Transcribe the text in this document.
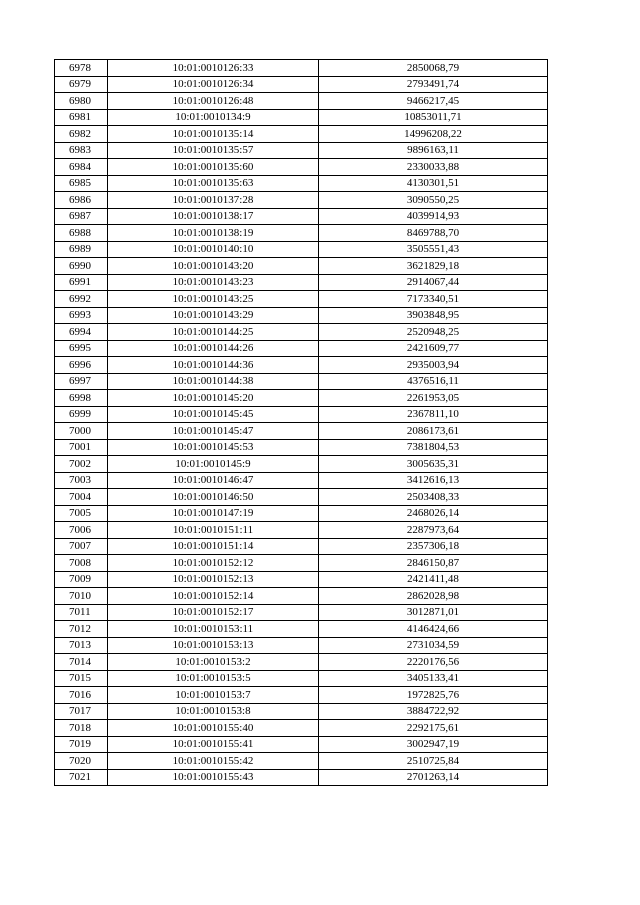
6978	10:01:0010126:33	2850068,79
6979	10:01:0010126:34	2793491,74
6980	10:01:0010126:48	9466217,45
6981	10:01:0010134:9	10853011,71
6982	10:01:0010135:14	14996208,22
6983	10:01:0010135:57	9896163,11
6984	10:01:0010135:60	2330033,88
6985	10:01:0010135:63	4130301,51
6986	10:01:0010137:28	3090550,25
6987	10:01:0010138:17	4039914,93
6988	10:01:0010138:19	8469788,70
6989	10:01:0010140:10	3505551,43
6990	10:01:0010143:20	3621829,18
6991	10:01:0010143:23	2914067,44
6992	10:01:0010143:25	7173340,51
6993	10:01:0010143:29	3903848,95
6994	10:01:0010144:25	2520948,25
6995	10:01:0010144:26	2421609,77
6996	10:01:0010144:36	2935003,94
6997	10:01:0010144:38	4376516,11
6998	10:01:0010145:20	2261953,05
6999	10:01:0010145:45	2367811,10
7000	10:01:0010145:47	2086173,61
7001	10:01:0010145:53	7381804,53
7002	10:01:0010145:9	3005635,31
7003	10:01:0010146:47	3412616,13
7004	10:01:0010146:50	2503408,33
7005	10:01:0010147:19	2468026,14
7006	10:01:0010151:11	2287973,64
7007	10:01:0010151:14	2357306,18
7008	10:01:0010152:12	2846150,87
7009	10:01:0010152:13	2421411,48
7010	10:01:0010152:14	2862028,98
7011	10:01:0010152:17	3012871,01
7012	10:01:0010153:11	4146424,66
7013	10:01:0010153:13	2731034,59
7014	10:01:0010153:2	2220176,56
7015	10:01:0010153:5	3405133,41
7016	10:01:0010153:7	1972825,76
7017	10:01:0010153:8	3884722,92
7018	10:01:0010155:40	2292175,61
7019	10:01:0010155:41	3002947,19
7020	10:01:0010155:42	2510725,84
7021	10:01:0010155:43	2701263,14
